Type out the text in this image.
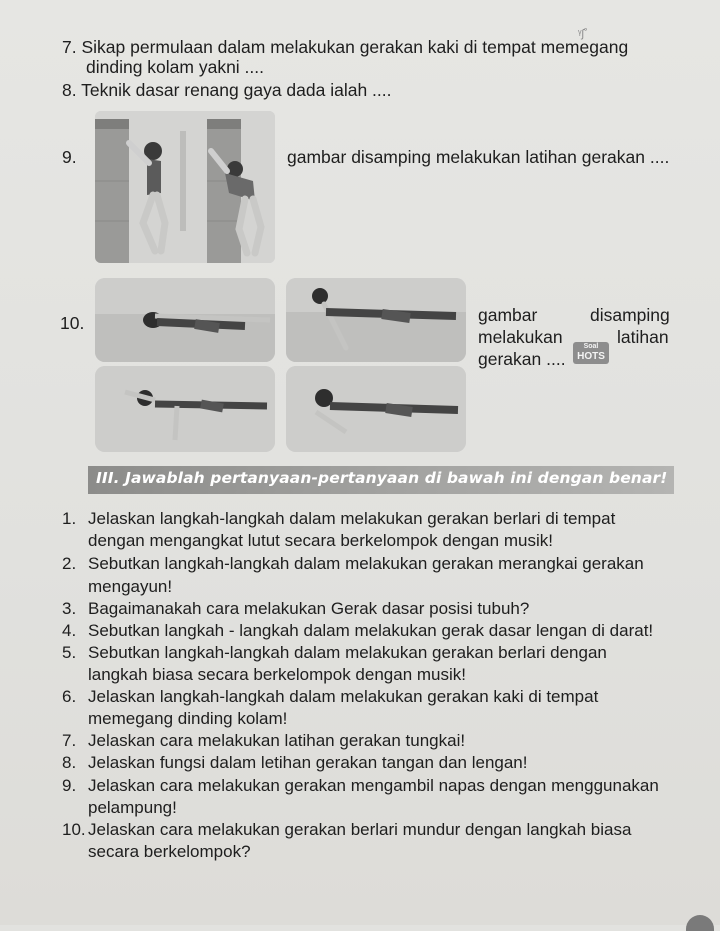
ᵞʃ˚
7. Sikap permulaan dalam melakukan gerakan kaki di tempat memegang
dinding kolam yakni ....
8. Teknik dasar renang gaya dada ialah ....
9.	gambar disamping melakukan latihan gerakan ....
10.	gambar	disamping
melakukan	latihan
gerakan ....
Soal
HOTS
III. Jawablah pertanyaan-pertanyaan di bawah ini dengan benar!
1. Jelaskan langkah-langkah dalam melakukan gerakan berlari di tempat
dengan mengangkat lutut secara berkelompok dengan musik!
2. Sebutkan langkah-langkah dalam melakukan gerakan merangkai gerakan
mengayun!
3. Bagaimanakah cara melakukan Gerak dasar posisi tubuh?
4. Sebutkan langkah - langkah dalam melakukan gerak dasar lengan di darat!
5. Sebutkan langkah-langkah dalam melakukan gerakan berlari dengan
langkah biasa secara berkelompok dengan musik!
6. Jelaskan langkah-langkah dalam melakukan gerakan kaki di tempat
memegang dinding kolam!
7. Jelaskan cara melakukan latihan gerakan tungkai!
8. Jelaskan fungsi dalam letihan gerakan tangan dan lengan!
9. Jelaskan cara melakukan gerakan mengambil napas dengan menggunakan
pelampung!
10. Jelaskan cara melakukan gerakan berlari mundur dengan langkah biasa
secara berkelompok?
